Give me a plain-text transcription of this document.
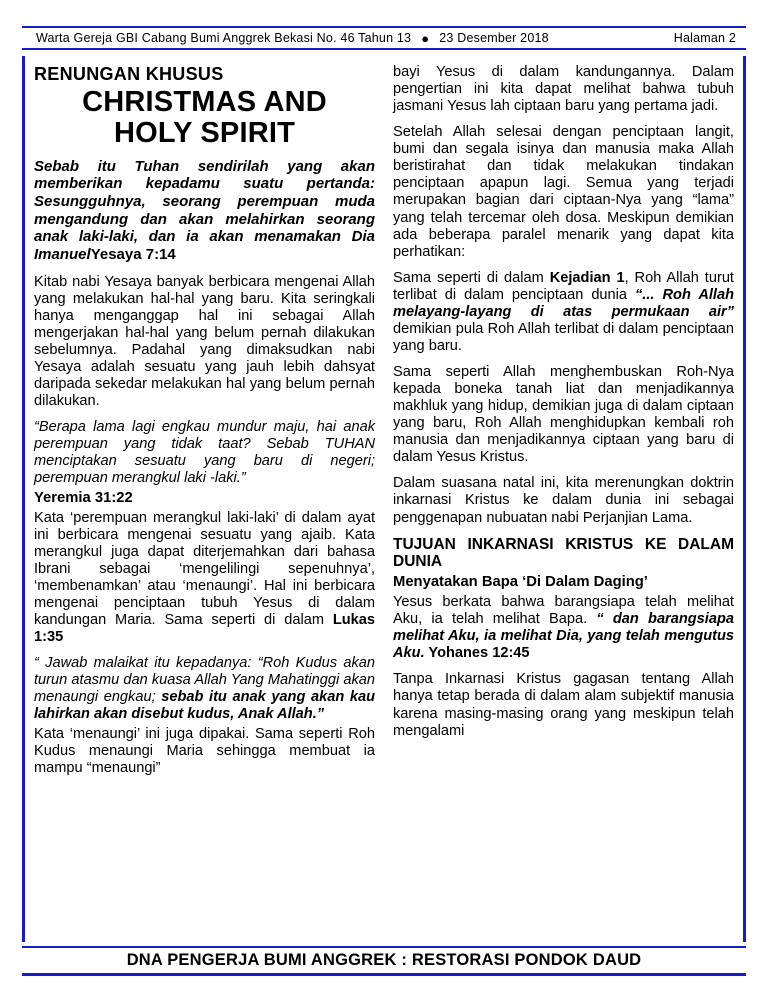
Warta Gereja GBI Cabang Bumi Anggrek Bekasi No. 46 Tahun 13 ● 23 Desember 2018	Halaman 2
RENUNGAN KHUSUS
CHRISTMAS AND
HOLY SPIRIT

Sebab itu Tuhan sendirilah yang akan memberikan kepadamu suatu pertanda: Sesungguhnya, seorang perempuan muda mengandung dan akan melahirkan seorang anak laki-laki, dan ia akan menamakan Dia ImanuelYesaya 7:14

Kitab nabi Yesaya banyak berbicara mengenai Allah yang melakukan hal-hal yang baru. Kita seringkali hanya menganggap hal ini sebagai Allah mengerjakan hal-hal yang belum pernah dilakukan sebelumnya. Padahal yang dimaksudkan nabi Yesaya adalah sesuatu yang jauh lebih dahsyat daripada sekedar melakukan hal yang belum pernah dilakukan.

“Berapa lama lagi engkau mundur maju, hai anak perempuan yang tidak taat? Sebab TUHAN menciptakan sesuatu yang baru di negeri; perempuan merangkul laki -laki.”

Yeremia 31:22

Kata ‘perempuan merangkul laki-laki’ di dalam ayat ini berbicara mengenai sesuatu yang ajaib. Kata merangkul juga dapat diterjemahkan dari bahasa Ibrani sebagai ‘mengelilingi sepenuhnya’, ‘membenamkan’ atau ‘menaungi’. Hal ini berbicara mengenai penciptaan tubuh Yesus di dalam kandungan Maria. Sama seperti di dalam Lukas 1:35

“ Jawab malaikat itu kepadanya: “Roh Kudus akan turun atasmu dan kuasa Allah Yang Mahatinggi akan menaungi engkau; sebab itu anak yang akan kau lahirkan akan disebut kudus, Anak Allah.”

Kata ‘menaungi’ ini juga dipakai. Sama seperti Roh Kudus menaungi Maria sehingga membuat ia mampu “menaungi”

bayi Yesus di dalam kandungannya. Dalam pengertian ini kita dapat melihat bahwa tubuh jasmani Yesus lah ciptaan baru yang pertama jadi.

Setelah Allah selesai dengan penciptaan langit, bumi dan segala isinya dan manusia maka Allah beristirahat dan tidak melakukan tindakan penciptaan apapun lagi. Semua yang terjadi merupakan bagian dari ciptaan-Nya yang “lama” yang telah tercemar oleh dosa. Meskipun demikian ada beberapa paralel menarik yang dapat kita perhatikan:

Sama seperti di dalam Kejadian 1, Roh Allah turut terlibat di dalam penciptaan dunia “... Roh Allah melayang-layang di atas permukaan air” demikian pula Roh Allah terlibat di dalam penciptaan yang baru.

Sama seperti Allah menghembuskan Roh-Nya kepada boneka tanah liat dan menjadikannya makhluk yang hidup, demikian juga di dalam ciptaan yang baru, Roh Allah menghidupkan kembali roh manusia dan menjadikannya ciptaan yang baru di dalam Yesus Kristus.

Dalam suasana natal ini, kita merenungkan doktrin inkarnasi Kristus ke dalam dunia ini sebagai penggenapan nubuatan nabi Perjanjian Lama.

TUJUAN INKARNASI KRISTUS KE DALAM DUNIA

Menyatakan Bapa ‘Di Dalam Daging’

Yesus berkata bahwa barangsiapa telah melihat Aku, ia telah melihat Bapa. “ dan barangsiapa melihat Aku, ia melihat Dia, yang telah mengutus Aku. Yohanes 12:45

Tanpa Inkarnasi Kristus gagasan tentang Allah hanya tetap berada di dalam alam subjektif manusia karena masing-masing orang yang meskipun telah mengalami

DNA PENGERJA BUMI ANGGREK : RESTORASI PONDOK DAUD
